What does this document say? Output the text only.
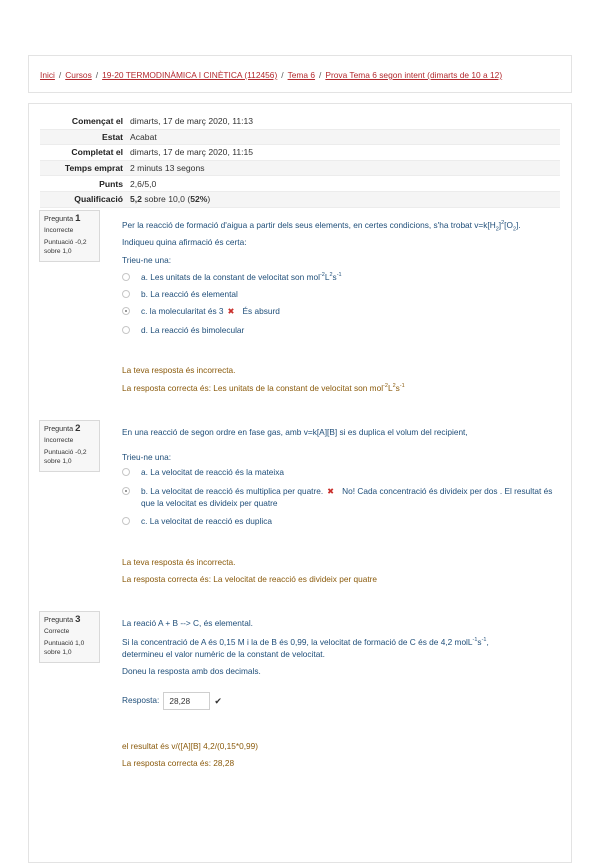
Inici / Cursos / 19-20 TERMODINÀMICA I CINÈTICA (112456) / Tema 6 / Prova Tema 6 segon intent (dimarts de 10 a 12)
Començat el	dimarts, 17 de març 2020, 11:13
Estat	Acabat
Completat el	dimarts, 17 de març 2020, 11:15
Temps emprat	2 minuts 13 segons
Punts	2,6/5,0
Qualificació	5,2 sobre 10,0 (52%)
Pregunta 1
Incorrecte
Puntuació -0,2
sobre 1,0
Per la reacció de formació d'aigua a partir dels seus elements, en certes condicions, s'ha trobat $v=k[H_2]^2[O_2]$.
Indiqueu quina afirmació és certa:
Trieu-ne una:
a. Les unitats de la constant de velocitat son $mol^{-2}L^2s^{-1}$
b. La reacció és elemental
c. la molecularitat és 3 ✖ És absurd
d. La reacció és bimolecular
La teva resposta és incorrecta.
La resposta correcta és: Les unitats de la constant de velocitat son $mol^{-2}L^2s^{-1}$
Pregunta 2
Incorrecte
Puntuació -0,2
sobre 1,0
En una reacció de segon ordre en fase gas, amb v=k[A][B] si es duplica el volum del recipient,
Trieu-ne una:
a. La velocitat de reacció és la mateixa
b. La velocitat de reacció és multiplica per quatre. ✖ No! Cada concentració és divideix per dos . El resultat és que la velocitat es divideix per quatre
c. La velocitat de reacció es duplica
La teva resposta és incorrecta.
La resposta correcta és: La velocitat de reacció es divideix per quatre
Pregunta 3
Correcte
Puntuació 1,0
sobre 1,0
La reació A + B --> C, és elemental.
Si la concentració de A és 0,15 M i la de B és 0,99, la velocitat de formació de C és de 4,2 $molL^{-1}s^{-1}$,
determineu el valor numèric de la constant de velocitat.
Doneu la resposta amb dos decimals.
Resposta: 28,28	✔
el resultat és v/([A][B] 4,2/(0,15*0,99)
La resposta correcta és: 28,28
